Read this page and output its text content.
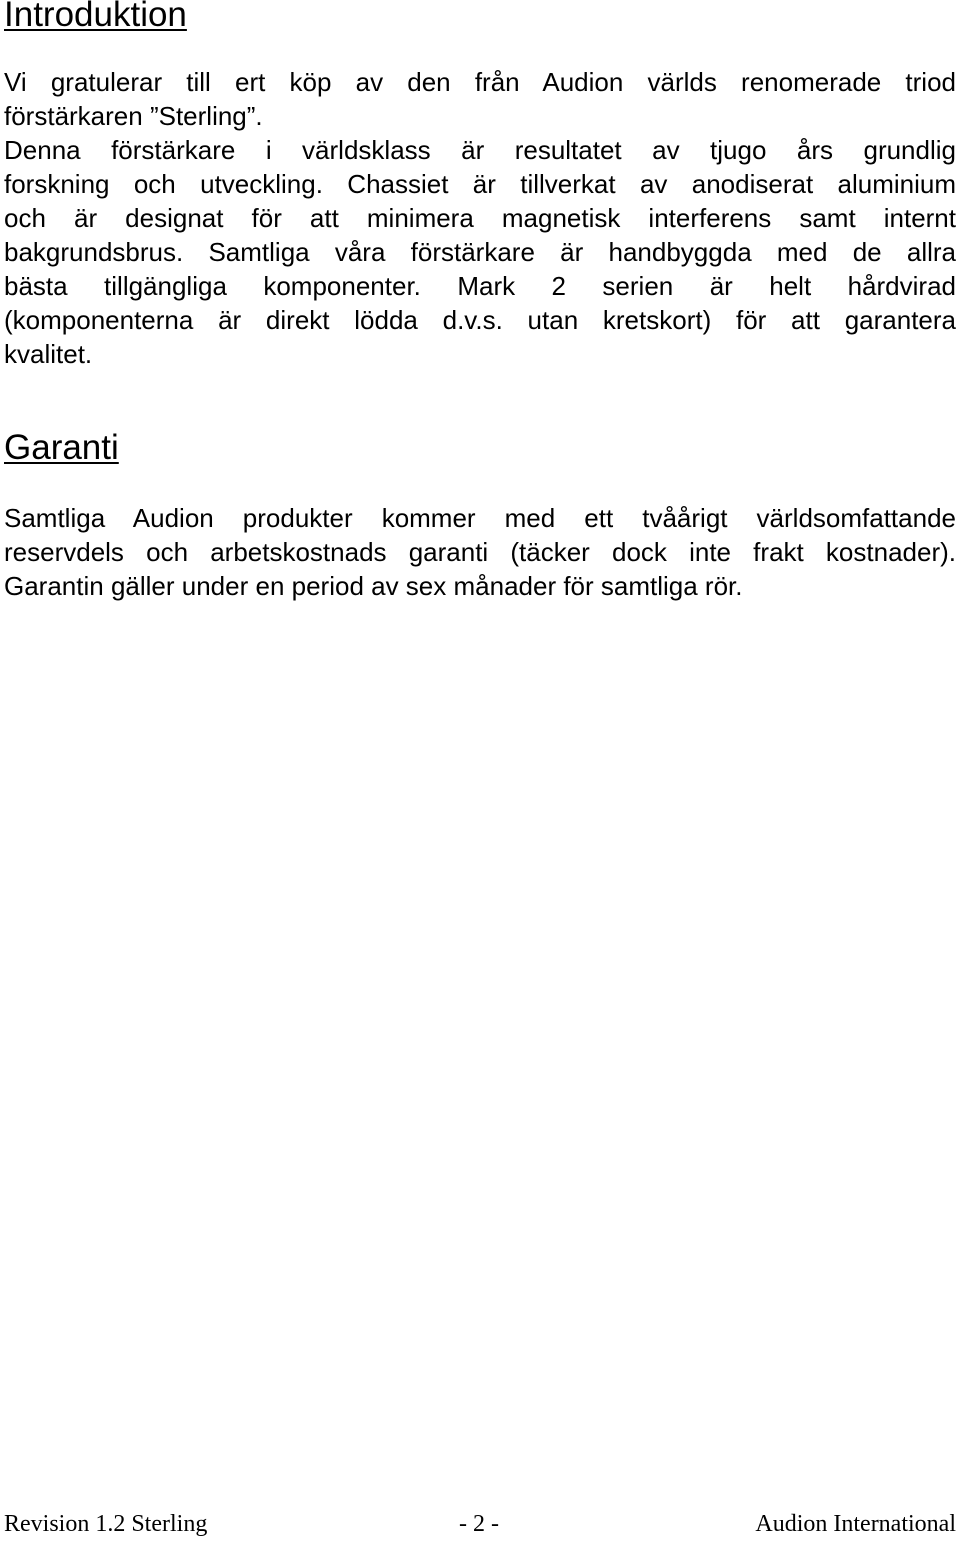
Introduktion
Vi gratulerar till ert köp av den från Audion världs renomerade triod
förstärkaren ”Sterling”.
Denna förstärkare i världsklass är resultatet av tjugo års grundlig
forskning och utveckling. Chassiet är tillverkat av anodiserat aluminium
och är designat för att minimera magnetisk interferens samt internt
bakgrundsbrus. Samtliga våra förstärkare är handbyggda med de allra
bästa tillgängliga komponenter. Mark 2 serien är helt hårdvirad
(komponenterna är direkt lödda d.v.s. utan kretskort) för att garantera
kvalitet.
Garanti
Samtliga Audion produkter kommer med ett tvåårigt världsomfattande
reservdels och arbetskostnads garanti (täcker dock inte frakt kostnader).
Garantin gäller under en period av sex månader för samtliga rör.
Revision 1.2 Sterling	- 2 -	Audion International
